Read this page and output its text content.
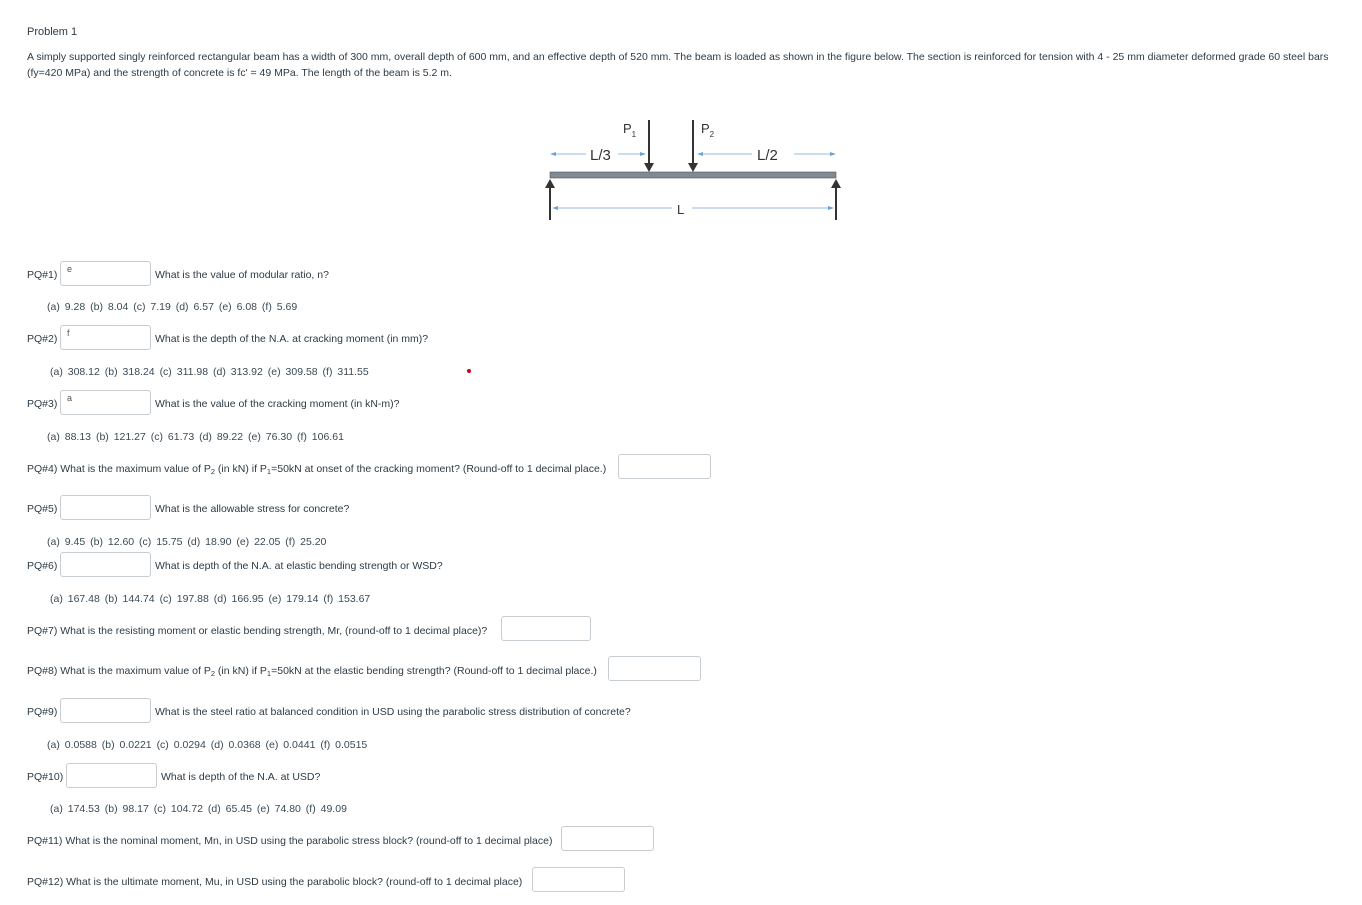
Problem 1
A simply supported singly reinforced rectangular beam has a width of 300 mm, overall depth of 600 mm, and an effective depth of 520 mm. The beam is loaded as shown in the figure below. The section is reinforced for tension with 4 - 25 mm diameter deformed grade 60 steel bars (fy=420 MPa) and the strength of concrete is fc' = 49 MPa. The length of the beam is 5.2 m.
L/3	L/2
$P_1$	$P_2$
L
PQ#1)	e	What is the value of modular ratio, n?
(a) 9.28 (b) 8.04 (c) 7.19 (d) 6.57 (e) 6.08 (f) 5.69
PQ#2)	f	What is the depth of the N.A. at cracking moment (in mm)?
(a) 308.12 (b) 318.24 (c) 311.98 (d) 313.92 (e) 309.58 (f) 311.55
PQ#3)	a	What is the value of the cracking moment (in kN-m)?
(a) 88.13 (b) 121.27 (c) 61.73 (d) 89.22 (e) 76.30 (f) 106.61
PQ#4) What is the maximum value of $P_2$ (in kN) if $P_1=50kN$ at onset of the cracking moment? (Round-off to 1 decimal place.)
PQ#5)	What is the allowable stress for concrete?
(a) 9.45 (b) 12.60 (c) 15.75 (d) 18.90 (e) 22.05 (f) 25.20
PQ#6)	What is depth of the N.A. at elastic bending strength or WSD?
(a) 167.48 (b) 144.74 (c) 197.88 (d) 166.95 (e) 179.14 (f) 153.67
PQ#7) What is the resisting moment or elastic bending strength, Mr, (round-off to 1 decimal place)?
PQ#8) What is the maximum value of $P_2$ (in kN) if $P_1=50kN$ at the elastic bending strength? (Round-off to 1 decimal place.)
PQ#9)	What is the steel ratio at balanced condition in USD using the parabolic stress distribution of concrete?
(a) 0.0588 (b) 0.0221 (c) 0.0294 (d) 0.0368 (e) 0.0441 (f) 0.0515
PQ#10)	What is depth of the N.A. at USD?
(a) 174.53 (b) 98.17 (c) 104.72 (d) 65.45 (e) 74.80 (f) 49.09
PQ#11) What is the nominal moment, Mn, in USD using the parabolic stress block? (round-off to 1 decimal place)
PQ#12) What is the ultimate moment, Mu, in USD using the parabolic block? (round-off to 1 decimal place)
